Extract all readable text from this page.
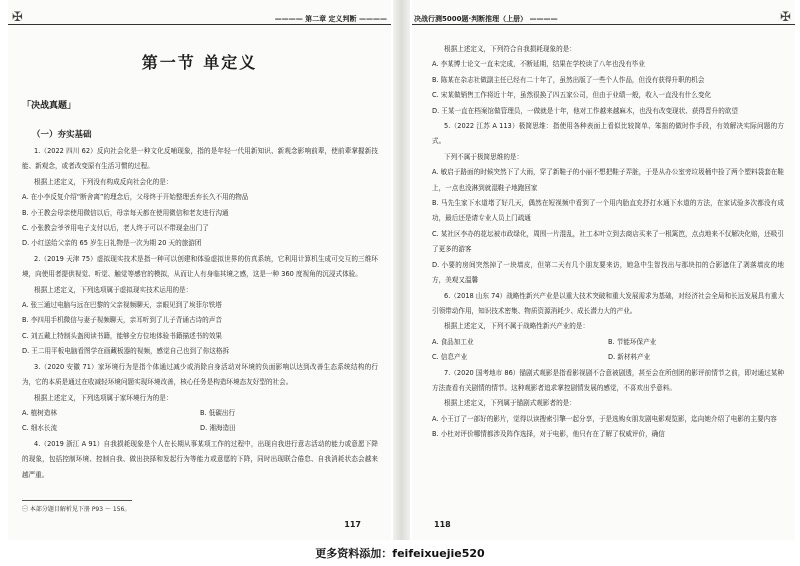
✠	———— 第二章 定义判断 ————
第一节 单定义
「决战真题」
（一）夯实基础

1.（2022 四川 62）反向社会化是一种文化反哺现象，指的是年轻一代用新知识、新观念影响前辈，使前辈掌握新技能、新观念，或者改变原有生活习惯的过程。

根据上述定义，下列没有构成反向社会化的是：

A. 在小李反复介绍“断舍离”的理念后，父母终于开始整理丢弃长久不用的物品

B. 小王教会母亲使用微信以后，母亲每天都在使用微信和老友进行沟通

C. 小张教会爷爷用电子支付以后，老人终于可以不带现金出门了

D. 小红送给父亲的 65 岁生日礼物是一次为期 20 天的旅游团

2.（2019 天津 75）虚拟现实技术是指一种可以创建和体验虚拟世界的仿真系统，它利用计算机生成可交互的三维环境，向使用者提供视觉、听觉、触觉等感官的模拟，从而让人有身临其境之感，这是一种 360 度视角的沉浸式体验。

根据上述定义，下列选项属于虚拟现实技术运用的是：

A. 张三通过电脑与远在巴黎的父亲视频聊天，亲眼见到了埃菲尔铁塔

B. 李四用手机微信与妻子视频聊天，亲耳听到了儿子背诵古诗的声音

C. 刘五戴上特制头盔阅读书籍，能够全方位地体验书籍描述书的效果

D. 王二用平板电脑看图学在画藏板器的视频，感觉自己也到了你这格拆

3.（2020 安徽 71）家环境行为是指个体通过减少或消除自身活动对环境的负面影响以达到改善生态系统结构的行为，它的本质是通过在收减轻环境问题实现环境改善，核心任务是构造环境态友好型的社会。

根据上述定义，下列选项属于家环境行为的是：

A. 植树造林	B. 低碳出行
C. 细水长流	D. 湘海造田

4.（2019 浙江 A 91）自我损耗现象是个人在长期从事某项工作的过程中，出现自我进行意志活动的能力或意愿下降的现象，包括控制环境、控制自我、做出抉择和发起行为等能力或意愿的下降，同时出现联合倦怠、自我消耗状态会越来越严重。

㊀ 本部分题目解析见下册 P93 ～ 156。
117
✠
决战行测5000题·判断推理（上册） ————

根据上述定义，下列符合自我损耗现象的是：

A. 李某博士论文一直未完成，不断延期，结果在学校读了八年也没有毕业

B. 陈某在杂志社做副主任已经有二十年了，虽然出版了一些个人作品，但没有获得升职的机会

C. 宋某做销售工作将近十年，虽然很换了四五家公司，但由于业绩一般，收入一直没有什么变化

D. 王某一直在档案馆做管理员，一做就是十年，他对工作越来越麻木，也没有改变现状、获得晋升的欲望

5.（2022 江苏 A 113）极简思维：指使用各种表面上看似比较简单、笨拙的做时作手段，有效解决实际问题的方式。

下列不属于极简思维的是：

A. 敏启于路面的时候突然下了大雨，穿了新鞋子的小丽不想把鞋子弄脏，于是从办公室旁垃圾桶中捡了两个塑料袋套在鞋上，一点也没淋到就湿鞋子地跑回家

B. 马先生家下水道堵了好几天，偶然在短视频中看到了一个用内胎直充抒打水通下水道的方法，在家试验多次都没有成功，最后还是请专业人员上门疏通

C. 某社区李办的花坛被市政绿化，周围一片混乱，社工本叶立到去商店买来了一根篱笆，点点地来不仅解决化赔，还吸引了更多的游客

D. 小要的房间突然掉了一块墙皮，但第二天有几个朋友要来访，她急中生智找出与那块扣的合影遮住了剥落墙皮的地方，美观又温馨

6.（2018 山东 74）战略性新兴产业是以重大技术突破和重大发展需求为基础，对经济社会全局和长远发展具有重大引领带动作用，知识技术密集、物质资源消耗少、成长潜力大的产业。

根据上述定义，下列不属于战略性新兴产业的是：

A. 食品加工业	B. 节能环保产业
C. 信息产业	D. 新材料产业

7.（2020 国考地市 86）锚剧式观影是指看影视剧不合意被剧透，甚至会在所创团的影评前情节之前，即对通过某种方法查看有关剧情的情节。这种观影者追求掌控剧情发展的感觉，不喜欢出乎意料。

根据上述定义，下列属于锚剧式观影者的是：

A. 小王订了一部好的影片，觉得以读搜索引擎一起分享，于是选购女朋友剧电影观览影，迄向她介绍了电影的主要内容

B. 小杜对评价哪情都涉及阵作选择，对于电影，他只有在了解了权威评价，确信

118
更多资料添加：feifeixuejie520
